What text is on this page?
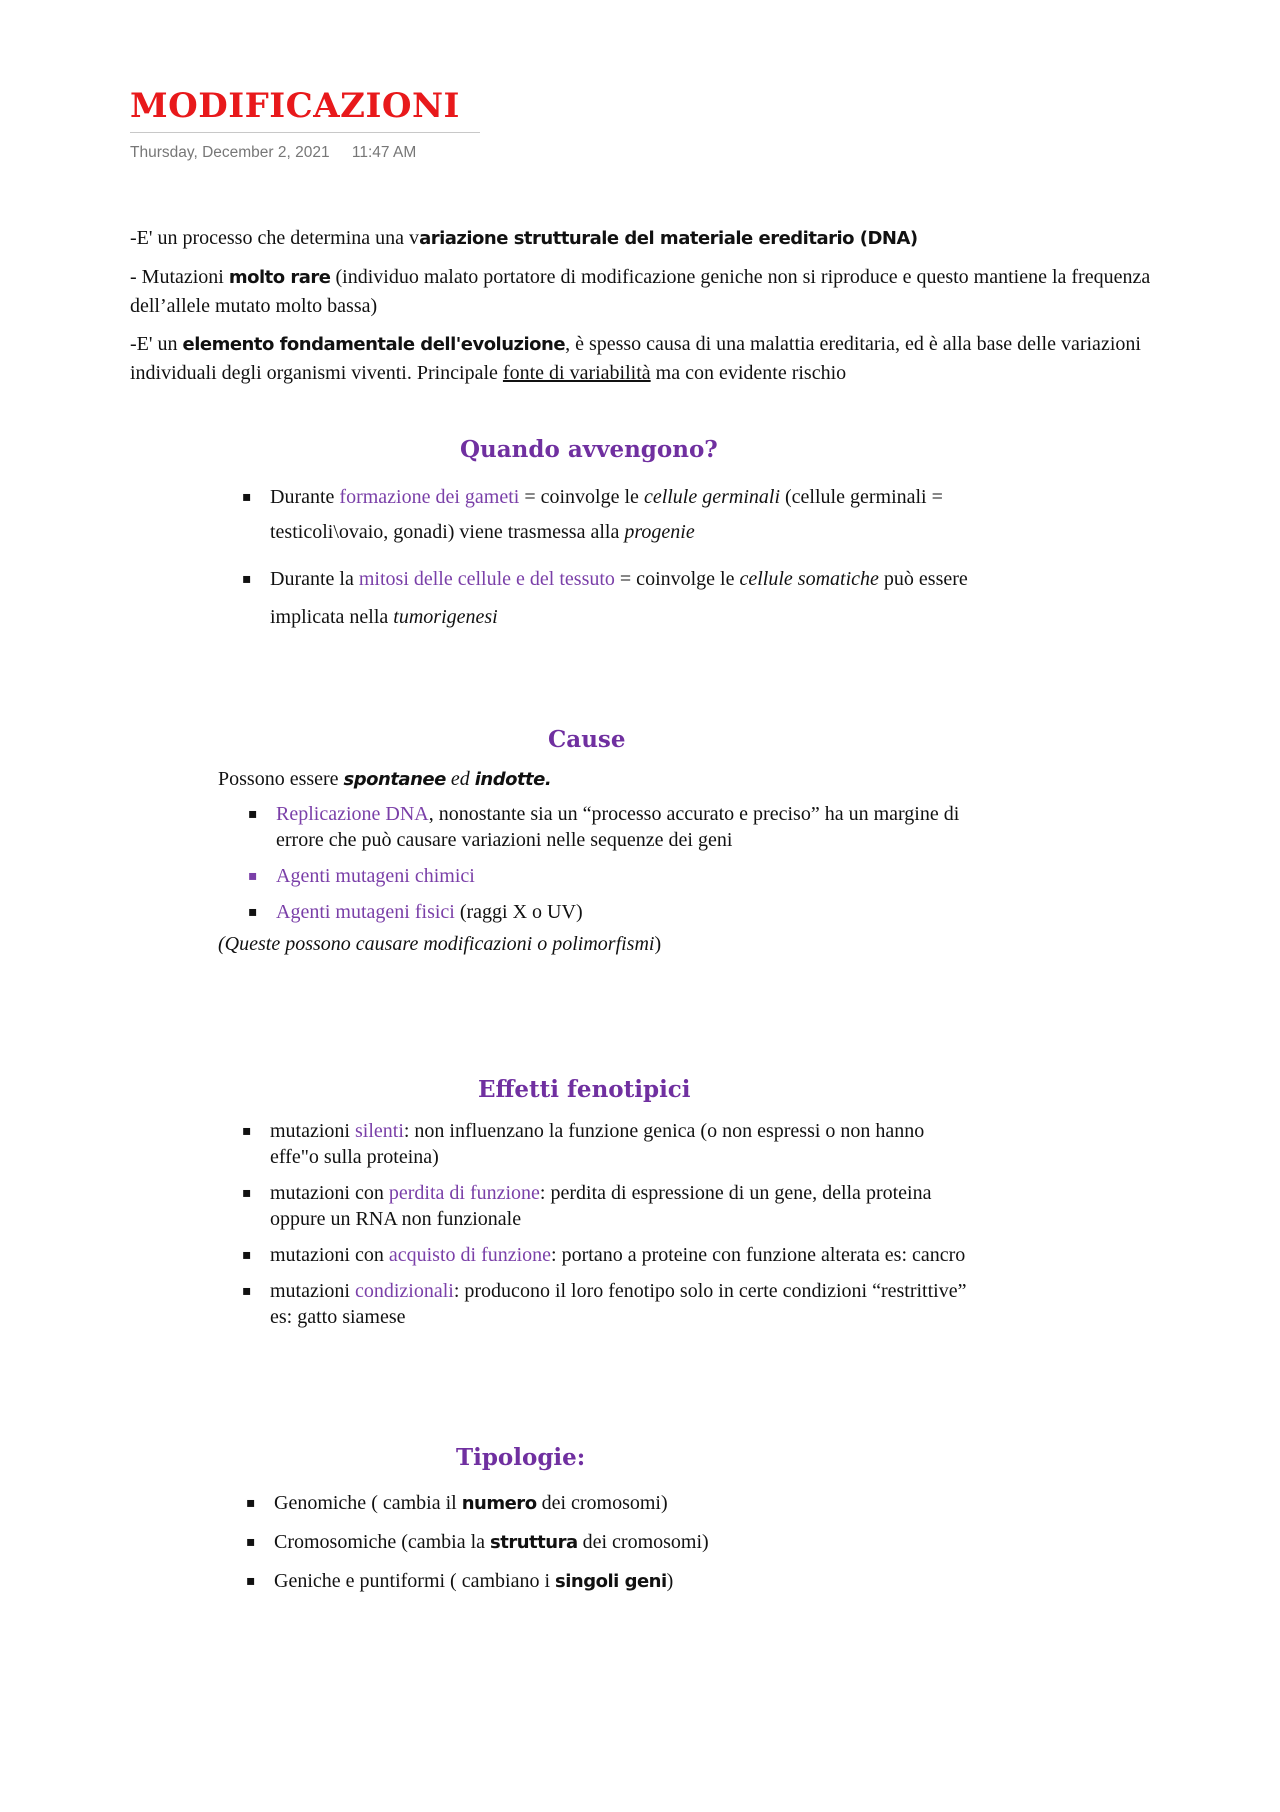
MODIFICAZIONI
Thursday, December 2, 2021 11:47 AM

-E' un processo che determina una variazione strutturale del materiale ereditario (DNA)

- Mutazioni molto rare (individuo malato portatore di modificazione geniche non si riproduce e questo mantiene la frequenza dell’allele mutato molto bassa)

-E' un elemento fondamentale dell'evoluzione, è spesso causa di una malattia ereditaria, ed è alla base delle variazioni individuali degli organismi viventi. Principale fonte di variabilità ma con evidente rischio

Quando avvengono?
▪ Durante formazione dei gameti = coinvolge le cellule germinali (cellule germinali = testicoli\ovaio, gonadi) viene trasmessa alla progenie
▪ Durante la mitosi delle cellule e del tessuto = coinvolge le cellule somatiche può essere implicata nella tumorigenesi
Cause
Possono essere spontanee ed indotte.
▪ Replicazione DNA, nonostante sia un “processo accurato e preciso” ha un margine di errore che può causare variazioni nelle sequenze dei geni
▪ Agenti mutageni chimici
▪ Agenti mutageni fisici (raggi X o UV)
(Queste possono causare modificazioni o polimorfismi)
Effetti fenotipici
▪ mutazioni silenti: non influenzano la funzione genica (o non espressi o non hanno effe"o sulla proteina)
▪ mutazioni con perdita di funzione: perdita di espressione di un gene, della proteina oppure un RNA non funzionale
▪ mutazioni con acquisto di funzione: portano a proteine con funzione alterata es: cancro
▪ mutazioni condizionali: producono il loro fenotipo solo in certe condizioni “restrittive” es: gatto siamese
Tipologie:
▪ Genomiche ( cambia il numero dei cromosomi)
▪ Cromosomiche (cambia la struttura dei cromosomi)
▪ Geniche e puntiformi ( cambiano i singoli geni)
